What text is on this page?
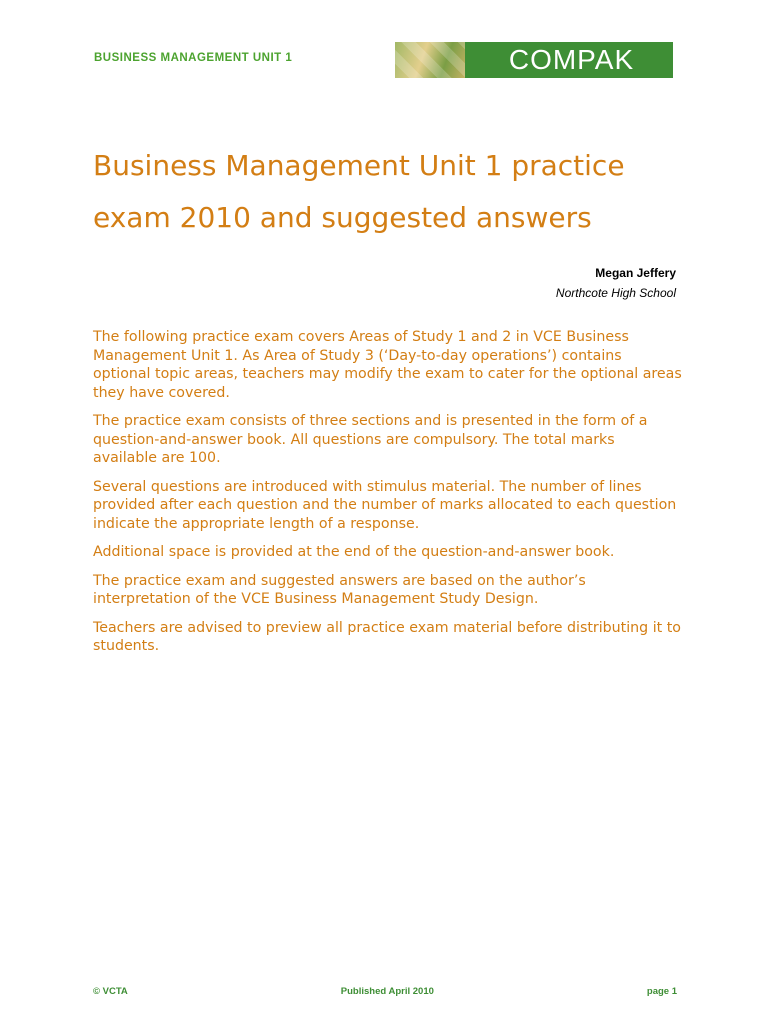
BUSINESS MANAGEMENT UNIT 1	COMPAK
Business Management Unit 1 practice exam 2010 and suggested answers
Megan Jeffery
Northcote High School

The following practice exam covers Areas of Study 1 and 2 in VCE Business Management Unit 1. As Area of Study 3 (‘Day-to-day operations’) contains optional topic areas, teachers may modify the exam to cater for the optional areas they have covered.

The practice exam consists of three sections and is presented in the form of a question-and-answer book. All questions are compulsory. The total marks available are 100.

Several questions are introduced with stimulus material. The number of lines provided after each question and the number of marks allocated to each question indicate the appropriate length of a response.

Additional space is provided at the end of the question-and-answer book.

The practice exam and suggested answers are based on the author’s interpretation of the VCE Business Management Study Design.

Teachers are advised to preview all practice exam material before distributing it to students.

© VCTA	Published April 2010	page 1
